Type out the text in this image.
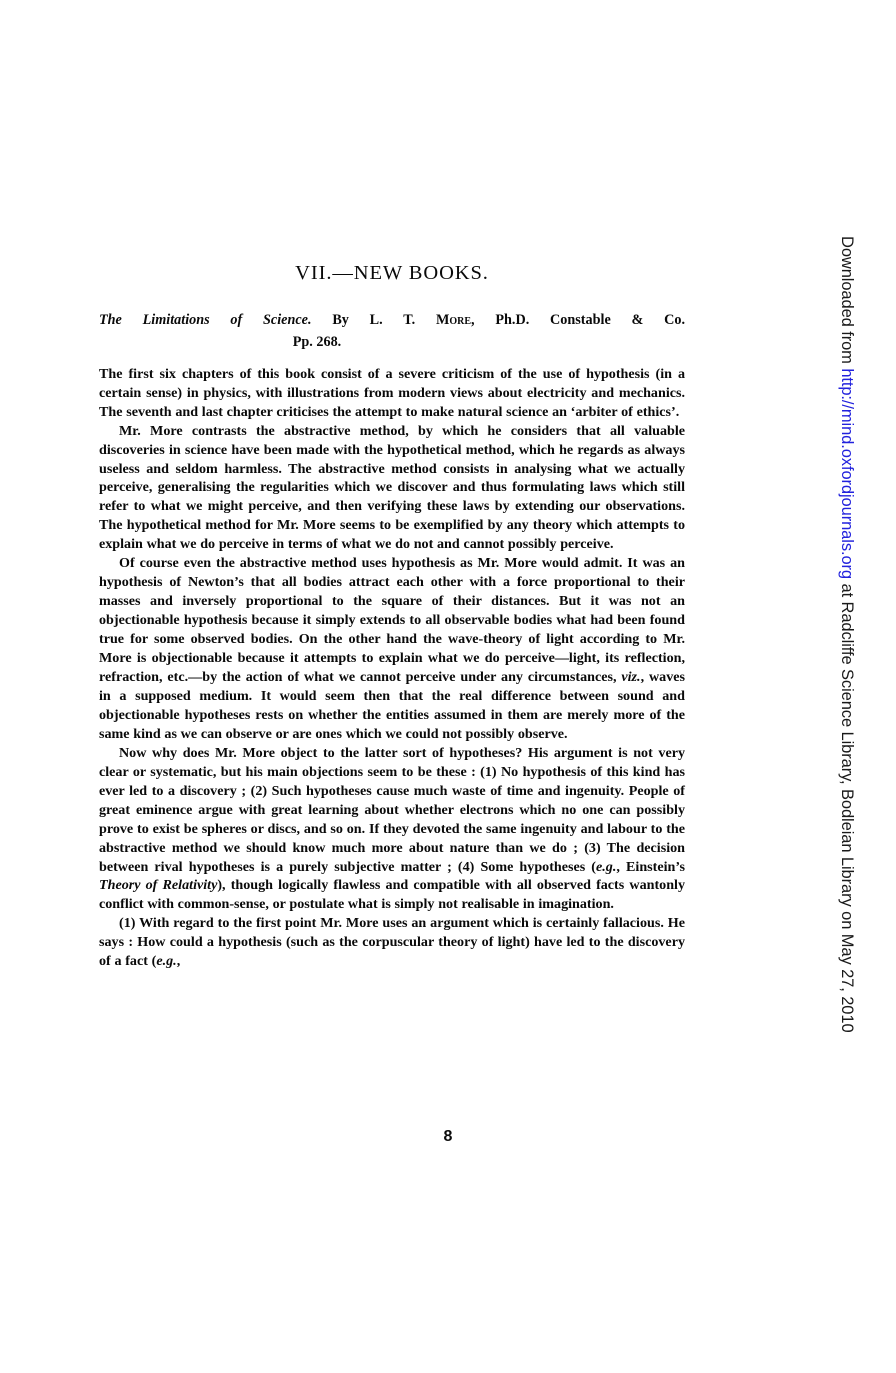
VII.—NEW BOOKS.
The Limitations of Science. By L. T. More, Ph.D. Constable & Co.
Pp. 268.

The first six chapters of this book consist of a severe criticism of the use of hypothesis (in a certain sense) in physics, with illustrations from modern views about electricity and mechanics. The seventh and last chapter criticises the attempt to make natural science an ‘arbiter of ethics’.

Mr. More contrasts the abstractive method, by which he considers that all valuable discoveries in science have been made with the hypothetical method, which he regards as always useless and seldom harmless. The abstractive method consists in analysing what we actually perceive, generalising the regularities which we discover and thus formulating laws which still refer to what we might perceive, and then verifying these laws by extending our observations. The hypothetical method for Mr. More seems to be exemplified by any theory which attempts to explain what we do perceive in terms of what we do not and cannot possibly perceive.

Of course even the abstractive method uses hypothesis as Mr. More would admit. It was an hypothesis of Newton’s that all bodies attract each other with a force proportional to their masses and inversely proportional to the square of their distances. But it was not an objectionable hypothesis because it simply extends to all observable bodies what had been found true for some observed bodies. On the other hand the wave-theory of light according to Mr. More is objectionable because it attempts to explain what we do perceive—light, its reflection, refraction, etc.—by the action of what we cannot perceive under any circumstances, viz., waves in a supposed medium. It would seem then that the real difference between sound and objectionable hypotheses rests on whether the entities assumed in them are merely more of the same kind as we can observe or are ones which we could not possibly observe.

Now why does Mr. More object to the latter sort of hypotheses? His argument is not very clear or systematic, but his main objections seem to be these : (1) No hypothesis of this kind has ever led to a discovery ; (2) Such hypotheses cause much waste of time and ingenuity. People of great eminence argue with great learning about whether electrons which no one can possibly prove to exist be spheres or discs, and so on. If they devoted the same ingenuity and labour to the abstractive method we should know much more about nature than we do ; (3) The decision between rival hypotheses is a purely subjective matter ; (4) Some hypotheses (e.g., Einstein’s Theory of Relativity), though logically flawless and compatible with all observed facts wantonly conflict with common-sense, or postulate what is simply not realisable in imagination.

(1) With regard to the first point Mr. More uses an argument which is certainly fallacious. He says : How could a hypothesis (such as the corpuscular theory of light) have led to the discovery of a fact (e.g.,

8
Downloaded from http://mind.oxfordjournals.org at Radcliffe Science Library, Bodleian Library on May 27, 2010
